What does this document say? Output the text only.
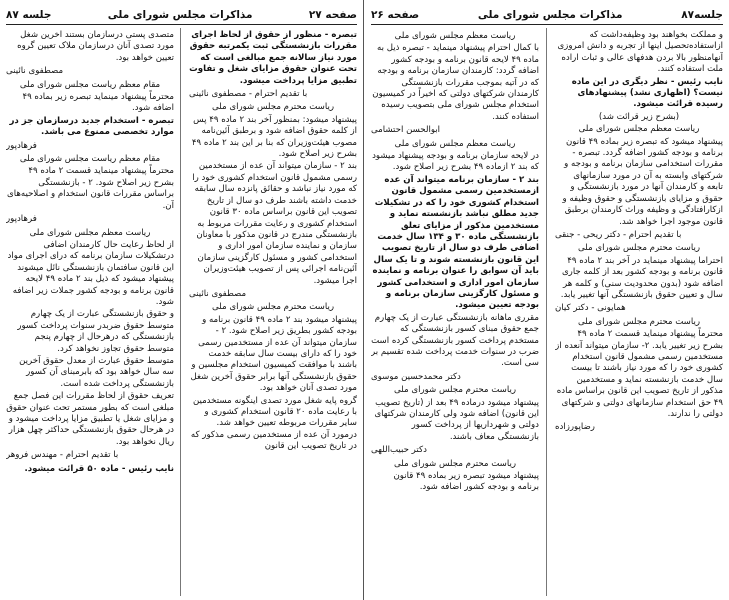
صفحه ۲۷
مذاکرات مجلس شورای ملی
جلسه ۸۷

تبصره - منظور از حقوق از لحاظ اجرای مقررات بازنشستگی ثبت یکمرتبه حقوق مورد نیاز سالانه جمع مبالغی است که تحت عنوان حقوق مزایای شغل و تفاوت تطبیق مزایا پرداخت میشود.

با تقدیم احترام - مصطفوی نائینی

ریاست محترم مجلس شورای ملی

پیشنهاد میشود: بمنظور آخر بند ۲ ماده ۴۹ پس از کلمه حقوق اضافه شود و برطبق آئین‌نامه مصوب هیئت‌وزیران که بنا بر این بند ۲ ماده ۴۹ بشرح زیر اصلاح شود.

بند ۲ - سازمان میتواند آن عده از مستخدمین رسمی مشمول قانون استخدام کشوری خود را که مورد نیاز نباشد و حقائق پانزده سال سابقه خدمت داشته باشند طرف دو سال از تاریخ تصویب این قانون براساس ماده ۳۰ قانون استخدام کشوری و رعایت مقررات مربوط به بازنشستگی مندرج در قانون مذکور با معاونان سازمان و نماینده سازمان امور اداری و استخدامی کشور و مسئول کارگزینی سازمان آئین‌نامه اجرائی پس از تصویب هیئت‌وزیران اجرا میشود.

مصطفوی نائینی

ریاست محترم مجلس شورای ملی

پیشنهاد میشود بند ۲ ماده ۴۹ قانون برنامه و بودجه کشور بطریق زیر اصلاح شود. ۲ - سازمان میتواند آن عده از مستخدمین رسمی خود را که دارای بیست سال سابقه خدمت باشند با موافقت کمیسیون استخدام مجلسین و حقوق بازنشستگی آنها برابر حقوق آخرین شغل مورد تصدی آنان خواهد بود.

گروه پایه شغل مورد تصدی اینگونه مستخدمین با رعایت ماده ۲۰ قانون استخدام کشوری و سایر مقررات مربوطه تعیین خواهد شد. درمورد آن عده از مستخدمین رسمی مذکور که در تاریخ تصویب این قانون

متصدی پستی درسازمان بستند آخرین شغل مورد تصدی آنان درسازمان ملاک تعیین گروه تعیین خواهد بود.

مصطفوی نائینی

مقام معظم ریاست مجلس شورای ملی

محترماً پیشنهاد مینماید تبصره زیر بماده ۴۹ اضافه شود.

تبصره - استخدام جدید درسازمان جز در موارد تخصصی ممنوع می باشد.

فرهادپور

مقام معظم ریاست مجلس شورای ملی

محترماً پیشنهاد مینماید قسمت ۲ ماده ۴۹ بشرح زیر اصلاح شود. ۲ - بازنشستگی براساس مقررات قانون استخدام و اصلاحیه‌های آن.

فرهادپور

ریاست معظم مجلس شورای ملی

از لحاظ رعایت حال کارمندان اضافی درتشکیلات سازمان برنامه که درای اجرای مواد این قانون سافتمان بازنشستگی نائل میشوند پیشنهاد میشود که ذیل بند ۲ ماده ۴۹ لایحه قانون برنامه و بودجه کشور جملات زیر اضافه شود.

و حقوق بازنشستگی عبارت از یک چهارم متوسط حقوق ضربدر سنوات پرداخت کسور بازنشستگی که درهرحال از چهارم پنجم متوسط حقوق تجاوز نخواهد کرد.

متوسط حقوق عبارت از معدل حقوق آخرین سه سال خواهد بود که بابرمبنای آن کسور بازنشستگی پرداخت شده است.

تعریف حقوق از لحاظ مقررات این فصل جمع مبلغی است که بطور مستمر تحت عنوان حقوق و مزایای شغل یا تطبیق مزایا پرداخت میشود و در هرحال حقوق بازنشستگی حداکثر چهل هزار ریال نخواهد بود.

با تقدیم احترام - مهندس فروهر

نایب رئیس - ماده ۵۰ قرائت میشود.

جلسه۸۷
مذاکرات مجلس شورای ملی
صفحه ۲۶

و مملکت بخواهند بود وظیفه‌داشت که ازاستفاده‌تحصیل اینها از تجربه و دانش امروزی آنهامنظور بالا بردن هدفهای عالی و ثبات اراده ملت استفاده کنند.

نایب رئیس - نظر دیگری در این ماده نیست؟ (اظهاری نشد) پیشنهادهای رسیده قرائت میشود.

(بشرح زیر قرائت شد)

ریاست معظم مجلس شورای ملی

پیشنهاد میشود که تبصره زیر بماده ۴۹ قانون برنامه و بودجه کشور اضافه گردد. تبصره - مقررات استخدامی سازمان برنامه و بودجه و شرکتهای وابسته به آن در مورد سازمانهای تابعه و کارمندان آنها در مورد بازنشستگی و حقوق و مزایای بازنشستگی و حقوق وظیفه و ازکارافتادگی و وظیفه وراث کارمندان برطبق قانون موجود اجرا خواهد شد.

با تقدیم احترام - دکتر ریحی - جنقی

ریاست محترم مجلس شورای ملی

احتراما پیشنهاد مینماید در آخر بند ۲ ماده ۴۹ قانون برنامه و بودجه کشور بعد از کلمه جاری اضافه شود (بدون محدودیت سنی) و کلمه هر سال و تعیین حقوق بازنشستگی آنها تغییر یابد.

همایونی - دکتر کیان

ریاست محترم مجلس شورای ملی

محترماً پیشنهاد مینماید قسمت ۲ ماده ۴۹ بشرح زیر تغییر یابد. ۲- سازمان میتواند آنعده از مستخدمین رسمی مشمول قانون استخدام کشوری خود را که مورد نیاز باشند تا بیست سال خدمت بازنشسته نماید و مستخدمین مذکور از تاریخ تصویب این قانون براساس ماده ۴۹ حق استخدام سازمانهای دولتی و شرکتهای دولتی را ندارند.

رضاپورزاده

ریاست معظم مجلس شورای ملی

با کمال احترام پیشنهاد مینماید - تبصره ذیل به ماده ۴۹ لایحه قانون برنامه و بودجه کشور اضافه گردد: کارمندان سازمان برنامه و بودجه که در آتیه بموجب مقررات بازنشستگی کارمندان شرکتهای دولتی که اخیراً در کمیسیون استخدام مجلس شورای ملی بتصویب رسیده استفاده کنند.

ابوالحسن احتشامی

ریاست معظم مجلس شورای ملی

در لایحه سازمان برنامه و بودجه پیشنهاد میشود که بند ۲ ازماده ۴۹ بشرح زیر اصلاح شود.

بند ۲ - سازمان برنامه میتواند آن عده ازمستخدمین رسمی مشمول قانون استخدام کشوری خود را که در تشکیلات جدید مطلق نباشد بازنشسته نماید و مستخدمین مذکور از مزایای تعلق بازنشستگی ماده ۳۰ و ۱۳۴ سال خدمت اضافی طرف دو سال از تاریخ تصویب این قانون بازنشسته شوند و تا یک سال باید آن سوابق را عنوان برنامه و نماینده سازمان امور اداری و استخدامی کشور و مسئول کارگزینی سازمان برنامه و بودجه تعیین میشود.

مقرری ماهانه بازنشستگی عبارت از یک چهارم جمع حقوق مبنای کسور بازنشستگی که مستخدم پرداخت کسور بازنشستگی کرده است ضرب در سنوات خدمت پرداخت شده تقسیم بر سی است.

دکتر محمدحسین موسوی

ریاست محترم مجلس شورای ملی

پیشنهاد میشود درماده ۴۹ بعد از (تاریخ تصویب این قانون) اضافه شود ولی کارمندان شرکتهای دولتی و شهرداریها از پرداخت کسور بازنشستگی معاف باشند.

دکتر حبیب‌اللهی

ریاست محترم مجلس شورای ملی

پیشنهاد میشود تبصره زیر بماده ۴۹ قانون برنامه و بودجه کشور اضافه شود.
